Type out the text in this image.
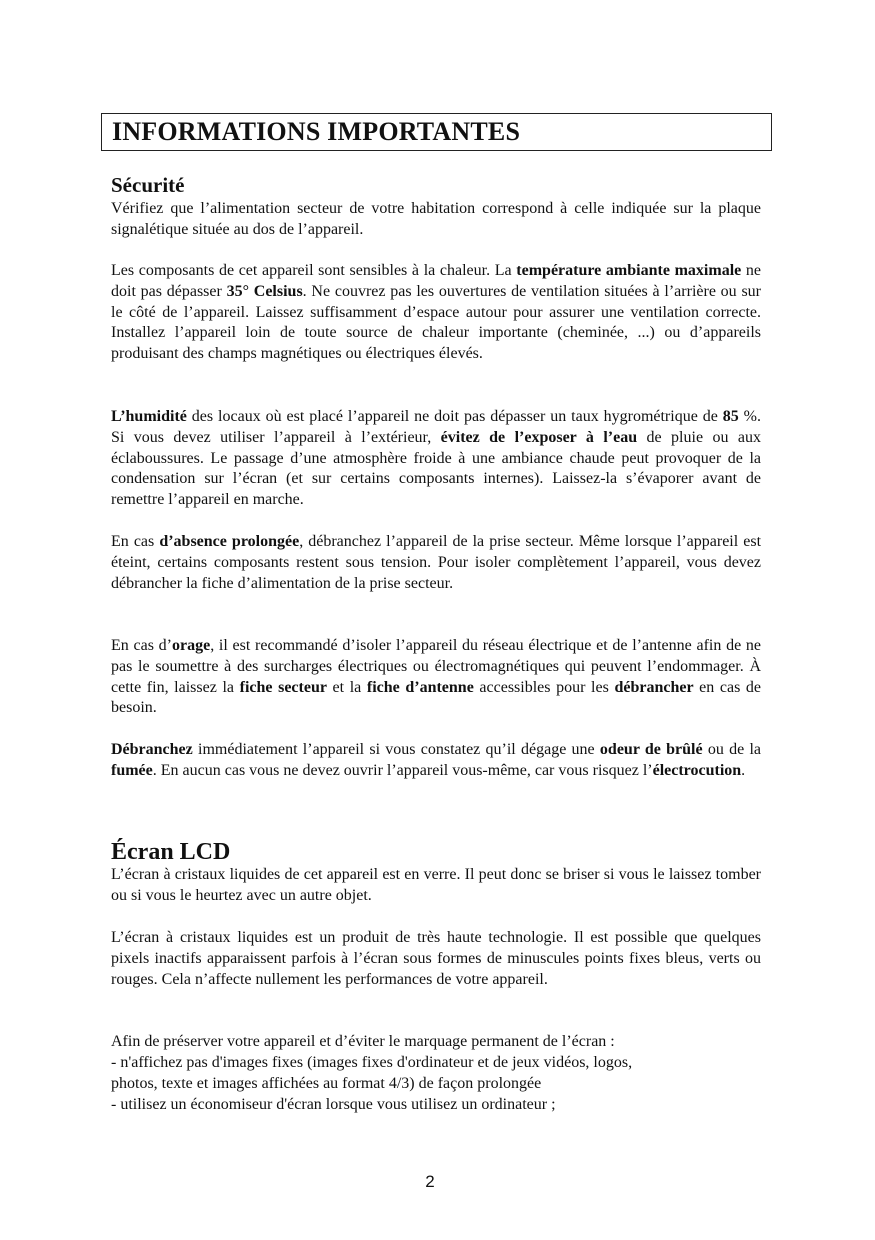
INFORMATIONS IMPORTANTES
Sécurité

Vérifiez que l’alimentation secteur de votre habitation correspond à celle indiquée sur la plaque signalétique située au dos de l’appareil.

Les composants de cet appareil sont sensibles à la chaleur. La température ambiante maximale ne doit pas dépasser 35° Celsius. Ne couvrez pas les ouvertures de ventilation situées à l’arrière ou sur le côté de l’appareil. Laissez suffisamment d’espace autour pour assurer une ventilation correcte. Installez l’appareil loin de toute source de chaleur importante (cheminée, ...) ou d’appareils produisant des champs magnétiques ou électriques élevés.

L’humidité des locaux où est placé l’appareil ne doit pas dépasser un taux hygrométrique de 85 %. Si vous devez utiliser l’appareil à l’extérieur, évitez de l’exposer à l’eau de pluie ou aux éclaboussures. Le passage d’une atmosphère froide à une ambiance chaude peut provoquer de la condensation sur l’écran (et sur certains composants internes). Laissez-la s’évaporer avant de remettre l’appareil en marche.

En cas d’absence prolongée, débranchez l’appareil de la prise secteur. Même lorsque l’appareil est éteint, certains composants restent sous tension. Pour isoler complètement l’appareil, vous devez débrancher la fiche d’alimentation de la prise secteur.

En cas d’orage, il est recommandé d’isoler l’appareil du réseau électrique et de l’antenne afin de ne pas le soumettre à des surcharges électriques ou électromagnétiques qui peuvent l’endommager. À cette fin, laissez la fiche secteur et la fiche d’antenne accessibles pour les débrancher en cas de besoin.

Débranchez immédiatement l’appareil si vous constatez qu’il dégage une odeur de brûlé ou de la fumée. En aucun cas vous ne devez ouvrir l’appareil vous-même, car vous risquez l’électrocution.

Écran LCD

L’écran à cristaux liquides de cet appareil est en verre. Il peut donc se briser si vous le laissez tomber ou si vous le heurtez avec un autre objet.

L’écran à cristaux liquides est un produit de très haute technologie. Il est possible que quelques pixels inactifs apparaissent parfois à l’écran sous formes de minuscules points fixes bleus, verts ou rouges. Cela n’affecte nullement les performances de votre appareil.

Afin de préserver votre appareil et d’éviter le marquage permanent de l’écran :

- n'affichez pas d'images fixes (images fixes d'ordinateur et de jeux vidéos, logos,

photos, texte et images affichées au format 4/3) de façon prolongée

- utilisez un économiseur d'écran lorsque vous utilisez un ordinateur ;

2
